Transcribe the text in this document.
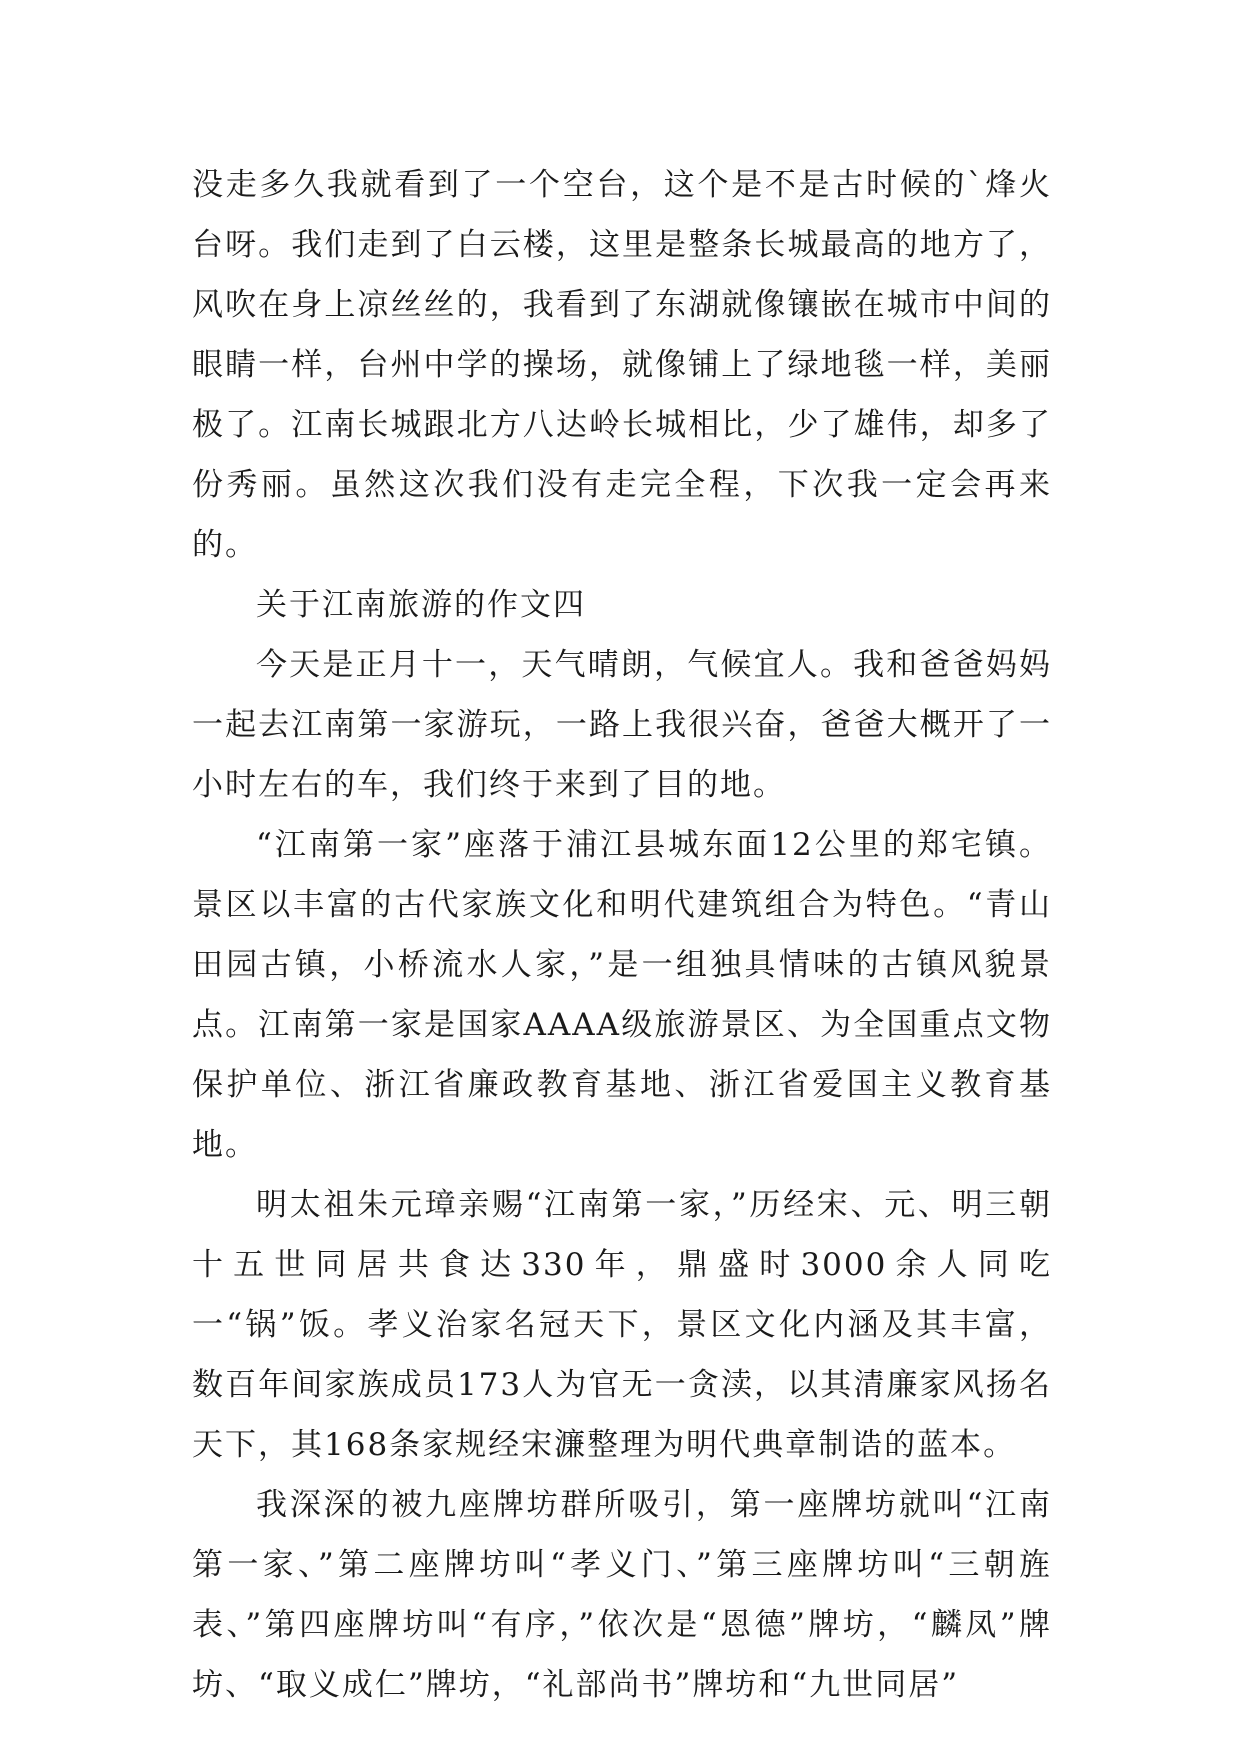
没走多久我就看到了一个空台，这个是不是古时候的`烽火台呀。我们走到了白云楼，这里是整条长城最高的地方了，风吹在身上凉丝丝的，我看到了东湖就像镶嵌在城市中间的眼睛一样，台州中学的操场，就像铺上了绿地毯一样，美丽极了。江南长城跟北方八达岭长城相比，少了雄伟，却多了份秀丽。虽然这次我们没有走完全程，下次我一定会再来的。

关于江南旅游的作文四

今天是正月十一，天气晴朗，气候宜人。我和爸爸妈妈一起去江南第一家游玩，一路上我很兴奋，爸爸大概开了一小时左右的车，我们终于来到了目的地。

“江南第一家”座落于浦江县城东面12公里的郑宅镇。景区以丰富的古代家族文化和明代建筑组合为特色。“青山田园古镇，小桥流水人家，”是一组独具情味的古镇风貌景点。江南第一家是国家AAAA级旅游景区、为全国重点文物保护单位、浙江省廉政教育基地、浙江省爱国主义教育基地。

明太祖朱元璋亲赐“江南第一家，”历经宋、元、明三朝十五世同居共食达330年，鼎盛时3000余人同吃一“锅”饭。孝义治家名冠天下，景区文化内涵及其丰富，数百年间家族成员173人为官无一贪渎，以其清廉家风扬名天下，其168条家规经宋濂整理为明代典章制诰的蓝本。

我深深的被九座牌坊群所吸引，第一座牌坊就叫“江南第一家、”第二座牌坊叫“孝义门、”第三座牌坊叫“三朝旌表、”第四座牌坊叫“有序，”依次是“恩德”牌坊，“麟凤”牌坊、“取义成仁”牌坊，“礼部尚书”牌坊和“九世同居”
